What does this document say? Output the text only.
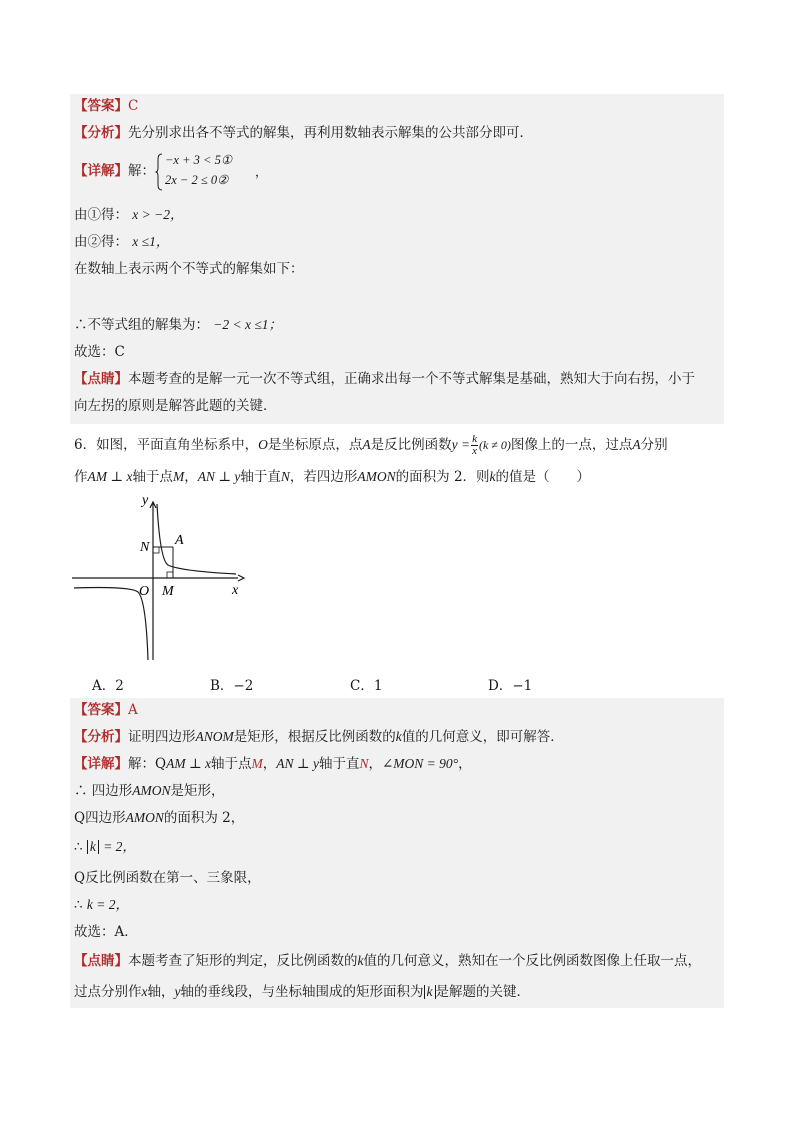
【答案】C
【分析】先分别求出各不等式的解集，再利用数轴表示解集的公共部分即可．
【详解】解：
−x + 3 < 5①
2x − 2 ≤ 0②
，
由①得： x > −2，
由②得： x ≤1，
在数轴上表示两个不等式的解集如下：
∴不等式组的解集为： −2 < x ≤1；
故选：C
【点睛】本题考查的是解一元一次不等式组，正确求出每一个不等式解集是基础，熟知大于向右拐，小于
向左拐的原则是解答此题的关键．
6．如图，平面直角坐标系中，O是坐标原点，点A是反比例函数$y = \frac{k}{x} (k \ne 0)$图像上的一点，过点A分别
作AM ⊥ x轴于点M，AN ⊥ y轴于直N，若四边形AMON的面积为 2．则k的值是（　　）
y
N A
O M	x
A．2	B．−2	C．1	D．−1
【答案】A
【分析】证明四边形ANOM是矩形，根据反比例函数的k值的几何意义，即可解答．
【详解】解：QAM ⊥ x轴于点M，AN ⊥ y轴于直N，∠MON = 90°，
∴ 四边形AMON是矩形，
Q四边形AMON的面积为 2，
∴ k = 2，
Q反比例函数在第一、三象限，
∴ k = 2，
故选：A．
【点睛】本题考查了矩形的判定，反比例函数的k值的几何意义，熟知在一个反比例函数图像上任取一点，
过点分别作x轴，y轴的垂线段，与坐标轴围成的矩形面积为 k 是解题的关键．
